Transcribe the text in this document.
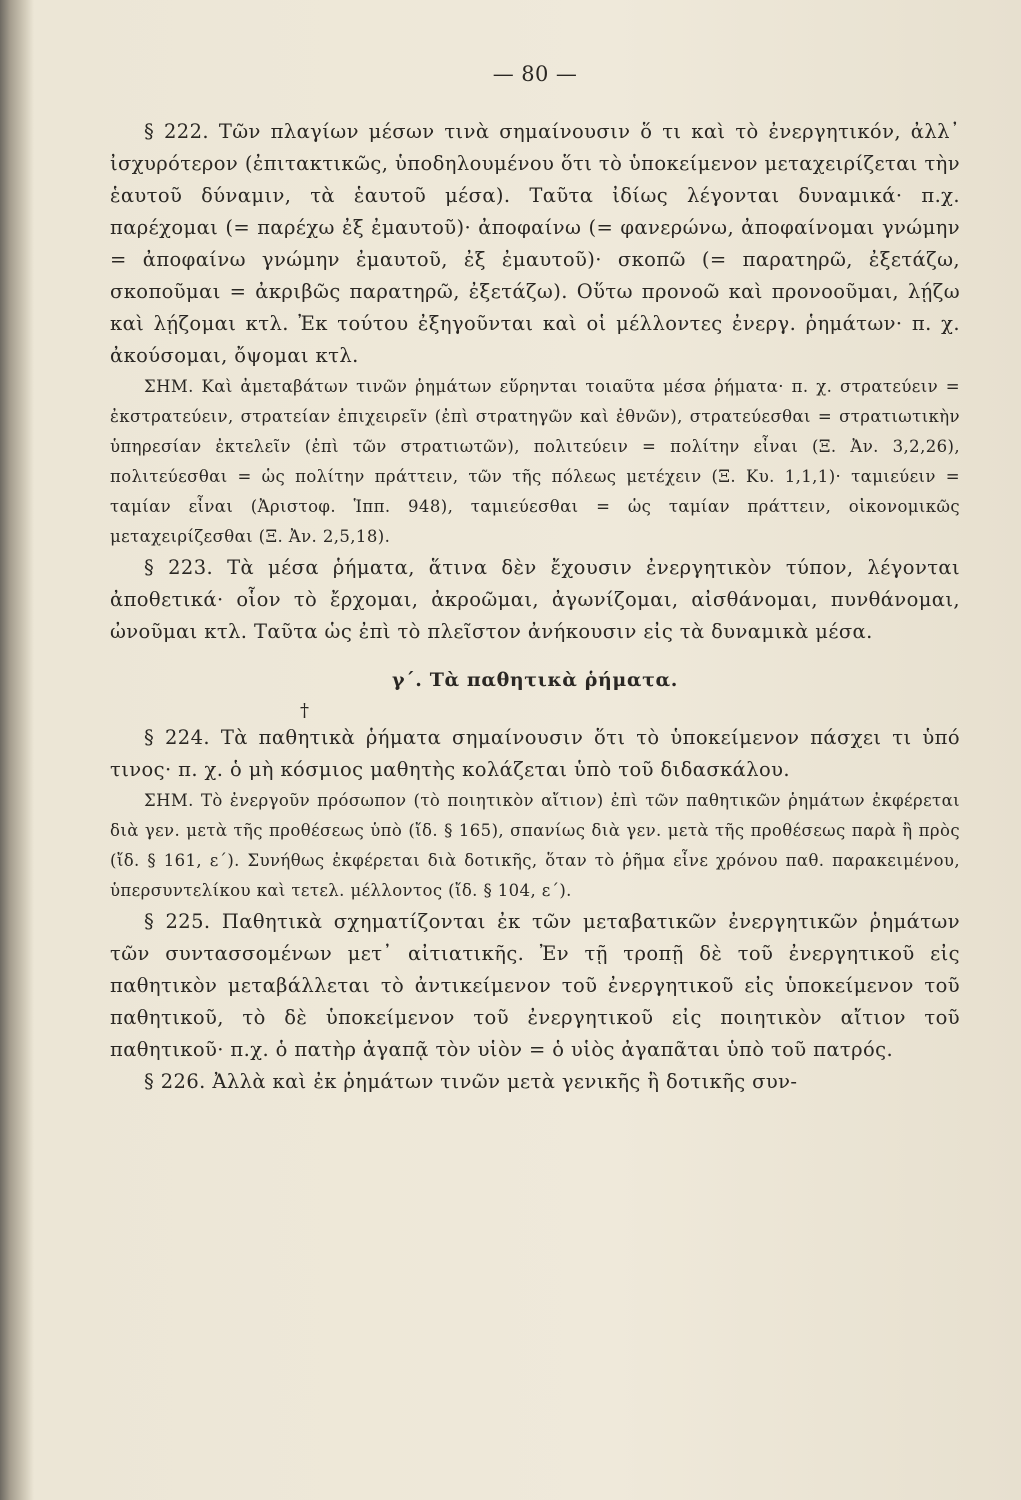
— 80 —

§ 222. Τῶν πλαγίων μέσων τινὰ σημαίνουσιν ὅ τι καὶ τὸ ἐνεργητικόν, ἀλλ᾽ ἰσχυρότερον (ἐπιτακτικῶς, ὑποδηλουμένου ὅτι τὸ ὑποκείμενον μεταχειρίζεται τὴν ἑαυτοῦ δύναμιν, τὰ ἑαυτοῦ μέσα). Ταῦτα ἰδίως λέγονται δυναμικά· π.χ. παρέχομαι (= παρέχω ἐξ ἐμαυτοῦ)· ἀποφαίνω (= φανερώνω, ἀποφαίνομαι γνώμην = ἀποφαίνω γνώμην ἐμαυτοῦ, ἐξ ἐμαυτοῦ)· σκοπῶ (= παρατηρῶ, ἐξετάζω, σκοποῦμαι = ἀκριβῶς παρατηρῶ, ἐξετάζω). Οὕτω προνοῶ καὶ προνοοῦμαι, λῄζω καὶ λῄζομαι κτλ. Ἐκ τούτου ἐξηγοῦνται καὶ οἱ μέλλοντες ἐνεργ. ῥημάτων· π. χ. ἀκούσομαι, ὄψομαι κτλ.

ΣΗΜ. Καὶ ἀμεταβάτων τινῶν ῥημάτων εὕρηνται τοιαῦτα μέσα ῥήματα· π. χ. στρατεύειν = ἐκστρατεύειν, στρατείαν ἐπιχειρεῖν (ἐπὶ στρατηγῶν καὶ ἐθνῶν), στρατεύεσθαι = στρατιωτικὴν ὑπηρεσίαν ἐκτελεῖν (ἐπὶ τῶν στρατιωτῶν), πολιτεύειν = πολίτην εἶναι (Ξ. Ἀν. 3,2,26), πολιτεύεσθαι = ὡς πολίτην πράττειν, τῶν τῆς πόλεως μετέχειν (Ξ. Κυ. 1,1,1)· ταμιεύειν = ταμίαν εἶναι (Ἀριστοφ. Ἱππ. 948), ταμιεύεσθαι = ὡς ταμίαν πράττειν, οἰκονομικῶς μεταχειρίζεσθαι (Ξ. Ἀν. 2,5,18).

§ 223. Τὰ μέσα ῥήματα, ἅτινα δὲν ἔχουσιν ἐνεργητικὸν τύπον, λέγονται ἀποθετικά· οἷον τὸ ἔρχομαι, ἀκροῶμαι, ἀγωνίζομαι, αἰσθάνομαι, πυνθάνομαι, ὠνοῦμαι κτλ. Ταῦτα ὡς ἐπὶ τὸ πλεῖστον ἀνήκουσιν εἰς τὰ δυναμικὰ μέσα.

γ΄. Τὰ παθητικὰ ῥήματα.
†

§ 224. Τὰ παθητικὰ ῥήματα σημαίνουσιν ὅτι τὸ ὑποκείμενον πάσχει τι ὑπό τινος· π. χ. ὁ μὴ κόσμιος μαθητὴς κολάζεται ὑπὸ τοῦ διδασκάλου.

ΣΗΜ. Τὸ ἐνεργοῦν πρόσωπον (τὸ ποιητικὸν αἴτιον) ἐπὶ τῶν παθητικῶν ῥημάτων ἐκφέρεται διὰ γεν. μετὰ τῆς προθέσεως ὑπὸ (ἴδ. § 165), σπανίως διὰ γεν. μετὰ τῆς προθέσεως παρὰ ἢ πρὸς (ἴδ. § 161, ε΄). Συνήθως ἐκφέρεται διὰ δοτικῆς, ὅταν τὸ ῥῆμα εἶνε χρόνου παθ. παρακειμένου, ὑπερσυντελίκου καὶ τετελ. μέλλοντος (ἴδ. § 104, ε΄).

§ 225. Παθητικὰ σχηματίζονται ἐκ τῶν μεταβατικῶν ἐνεργητικῶν ῥημάτων τῶν συντασσομένων μετ᾽ αἰτιατικῆς. Ἐν τῇ τροπῇ δὲ τοῦ ἐνεργητικοῦ εἰς παθητικὸν μεταβάλλεται τὸ ἀντικείμενον τοῦ ἐνεργητικοῦ εἰς ὑποκείμενον τοῦ παθητικοῦ, τὸ δὲ ὑποκείμενον τοῦ ἐνεργητικοῦ εἰς ποιητικὸν αἴτιον τοῦ παθητικοῦ· π.χ. ὁ πατὴρ ἀγαπᾷ τὸν υἱὸν = ὁ υἱὸς ἀγαπᾶται ὑπὸ τοῦ πατρός.

§ 226. Ἀλλὰ καὶ ἐκ ῥημάτων τινῶν μετὰ γενικῆς ἢ δοτικῆς συν-
